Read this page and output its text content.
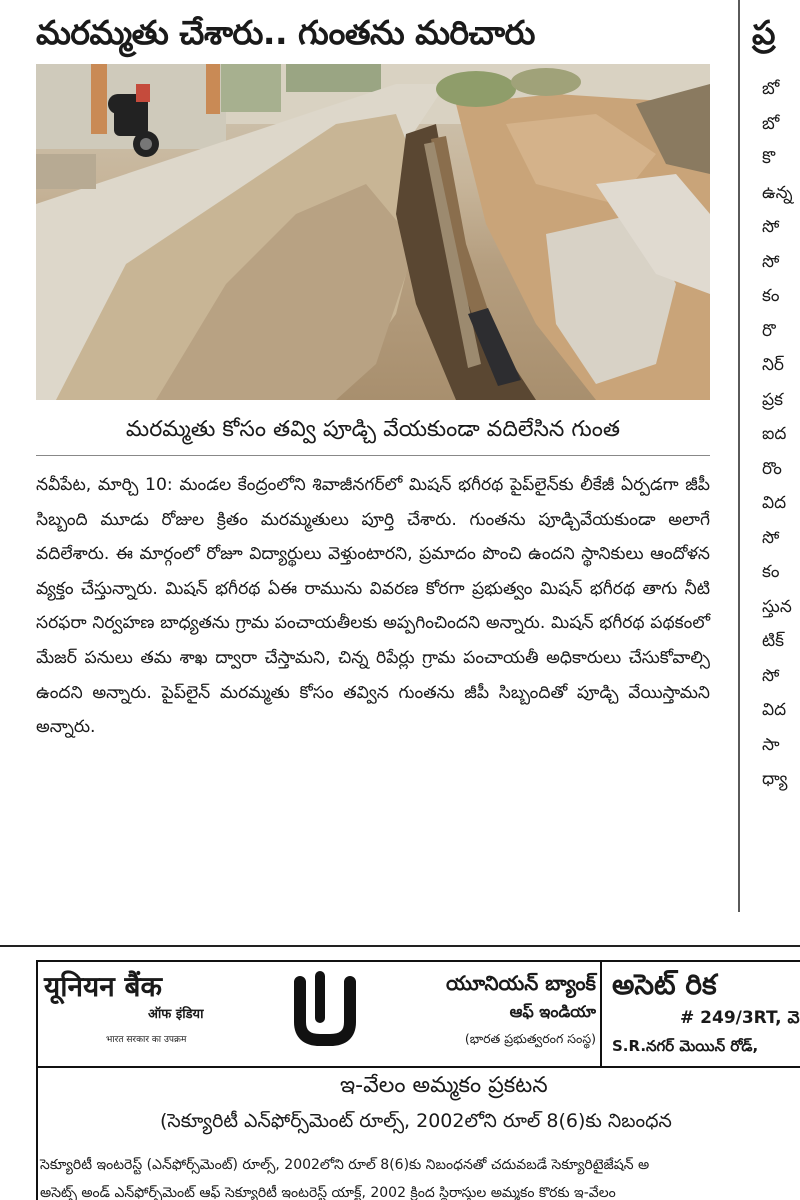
మరమ్మతు చేశారు.. గుంతను మరిచారు
మరమ్మతు కోసం తవ్వి పూడ్చి వేయకుండా వదిలేసిన గుంత

నవీపేట, మార్చి 10: మండల కేంద్రంలోని శివాజీనగర్‌లో మిషన్ భగీరథ పైప్‌లైన్‌కు లీకేజీ ఏర్పడగా జీపీ సిబ్బంది మూడు రోజుల క్రితం మరమ్మతులు పూర్తి చేశారు. గుంతను పూడ్చివేయకుండా అలాగే వదిలేశారు. ఈ మార్గంలో రోజూ విద్యార్థులు వెళ్తుంటారని, ప్రమాదం పొంచి ఉందని స్థానికులు ఆందోళన వ్యక్తం చేస్తున్నారు. మిషన్ భగీరథ ఏఈ రామును వివరణ కోరగా ప్రభుత్వం మిషన్ భగీరథ తాగు నీటి సరఫరా నిర్వహణ బాధ్యతను గ్రామ పంచాయతీలకు అప్పగించిందని అన్నారు. మిషన్ భగీరథ పథకంలో మేజర్ పనులు తమ శాఖ ద్వారా చేస్తామని, చిన్న రిపేర్లు గ్రామ పంచాయతీ అధికారులు చేసుకోవాల్సి ఉందని అన్నారు. పైప్‌లైన్ మరమ్మతు కోసం తవ్విన గుంతను జీపీ సిబ్బందితో పూడ్చి వేయిస్తామని అన్నారు.

ప్ర
బో
బో
కొ
ఉన్న
సో
సో
కం
రొ
నిర్
ప్రక
ఐద
రొం
విద
సో
కం
స్తున
టిక్
సో
విద
సా
ధ్యా
यूनियन बैंक
ऑफ इंडिया
भारत सरकार का उपक्रम
యూనియన్ బ్యాంక్
ఆఫ్ ఇండియా
(భారత ప్రభుత్వరంగ సంస్థ)
అసెట్ రిక
# 249/3RT, వె
S.R.నగర్ మెయిన్ రోడ్,
ఇ-వేలం అమ్మకం ప్రకటన
(సెక్యూరిటీ ఎన్‌ఫోర్స్‌మెంట్ రూల్స్, 2002లోని రూల్ 8(6)కు నిబంధన
సెక్యూరిటీ ఇంటరెస్ట్ (ఎన్‌ఫోర్స్‌మెంట్) రూల్స్, 2002లోని రూల్ 8(6)కు నిబంధనతో చదువబడే సెక్యూరిటైజేషన్ అ
అసెట్స్ అండ్ ఎన్‌ఫోర్స్‌మెంట్ ఆఫ్ సెక్యూరిటీ ఇంటరెస్ట్ యాక్ట్, 2002 క్రింద స్థిరాస్తుల అమ్మకం కొరకు ఇ-వేలం
